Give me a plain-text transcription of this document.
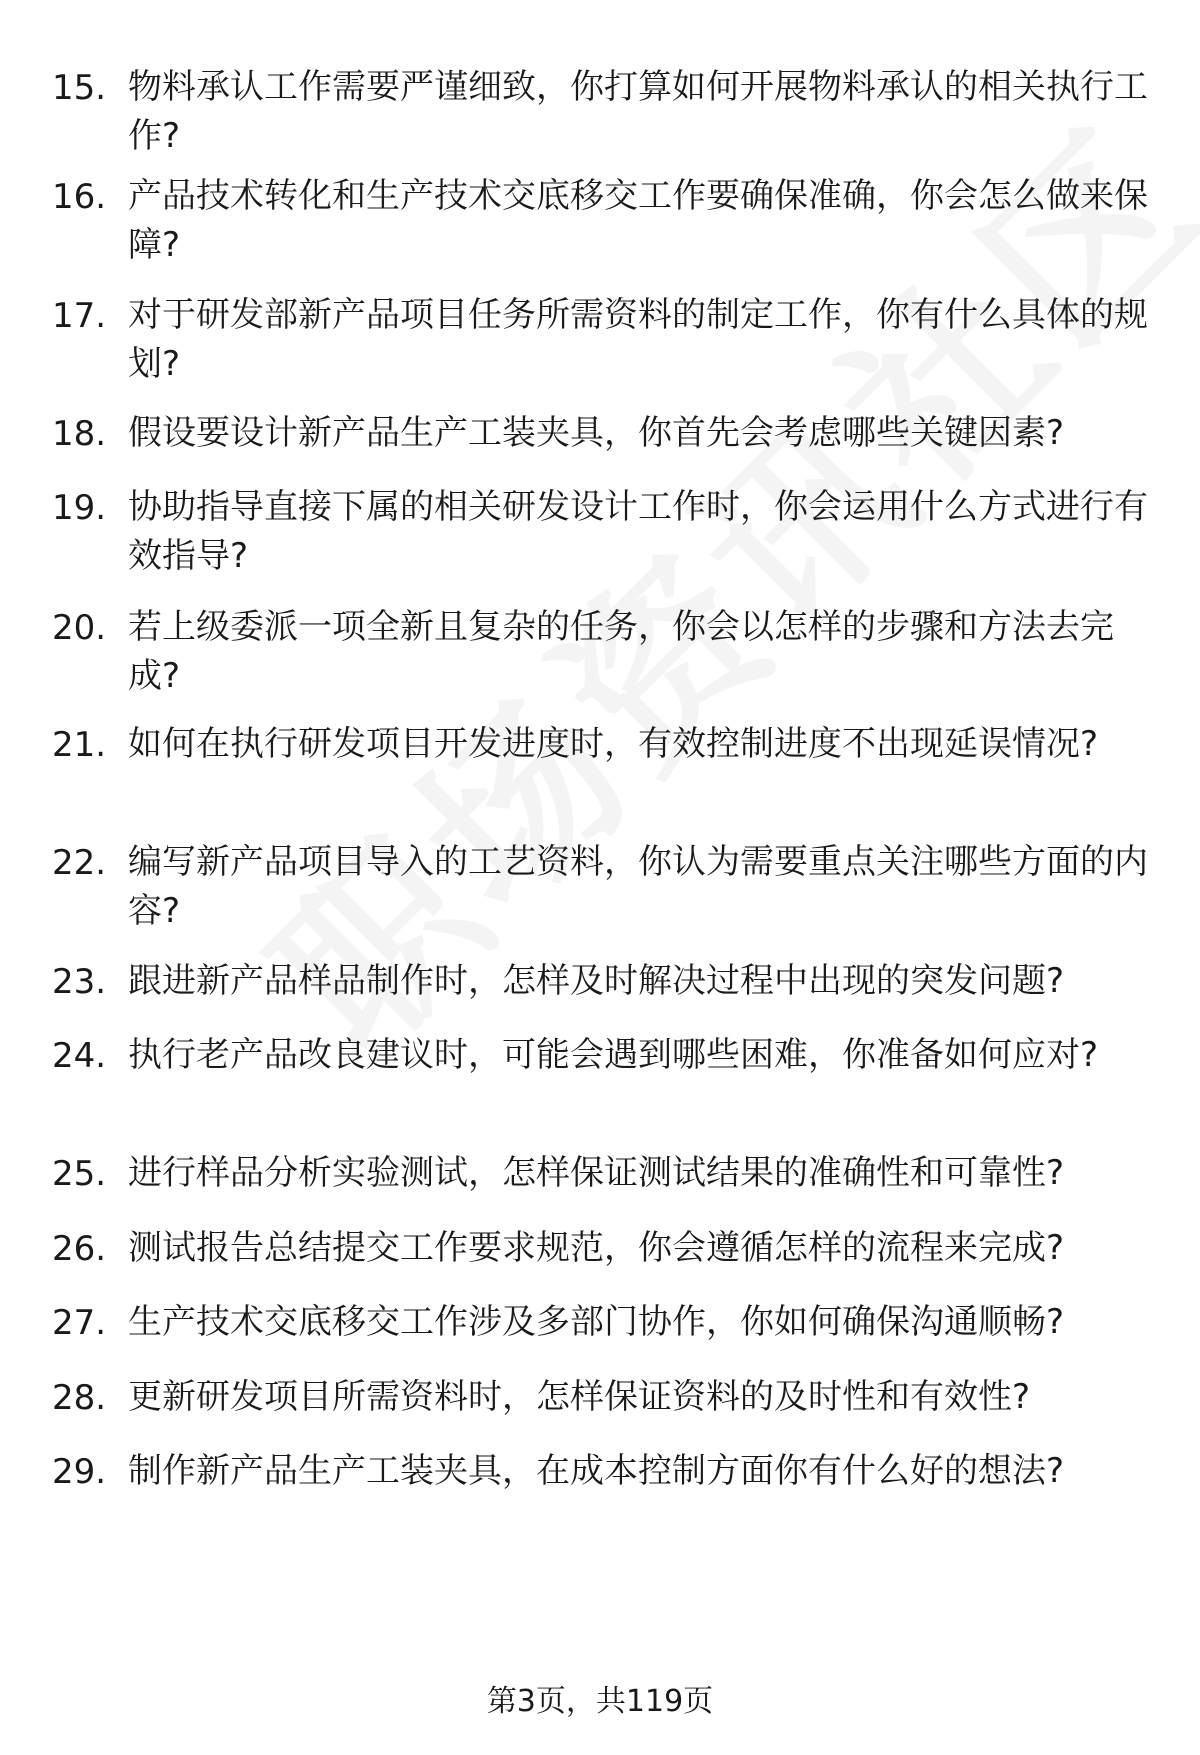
15. 物料承认工作需要严谨细致，你打算如何开展物料承认的相关执行工作?
16. 产品技术转化和生产技术交底移交工作要确保准确，你会怎么做来保障?
17. 对于研发部新产品项目任务所需资料的制定工作，你有什么具体的规划?
18. 假设要设计新产品生产工装夹具，你首先会考虑哪些关键因素?
19. 协助指导直接下属的相关研发设计工作时，你会运用什么方式进行有效指导?
20. 若上级委派一项全新且复杂的任务，你会以怎样的步骤和方法去完成?
21. 如何在执行研发项目开发进度时，有效控制进度不出现延误情况?
22. 编写新产品项目导入的工艺资料，你认为需要重点关注哪些方面的内容?
23. 跟进新产品样品制作时，怎样及时解决过程中出现的突发问题?
24. 执行老产品改良建议时，可能会遇到哪些困难，你准备如何应对?
25. 进行样品分析实验测试，怎样保证测试结果的准确性和可靠性?
26. 测试报告总结提交工作要求规范，你会遵循怎样的流程来完成?
27. 生产技术交底移交工作涉及多部门协作，你如何确保沟通顺畅?
28. 更新研发项目所需资料时，怎样保证资料的及时性和有效性?
29. 制作新产品生产工装夹具，在成本控制方面你有什么好的想法?
第3页，共119页
